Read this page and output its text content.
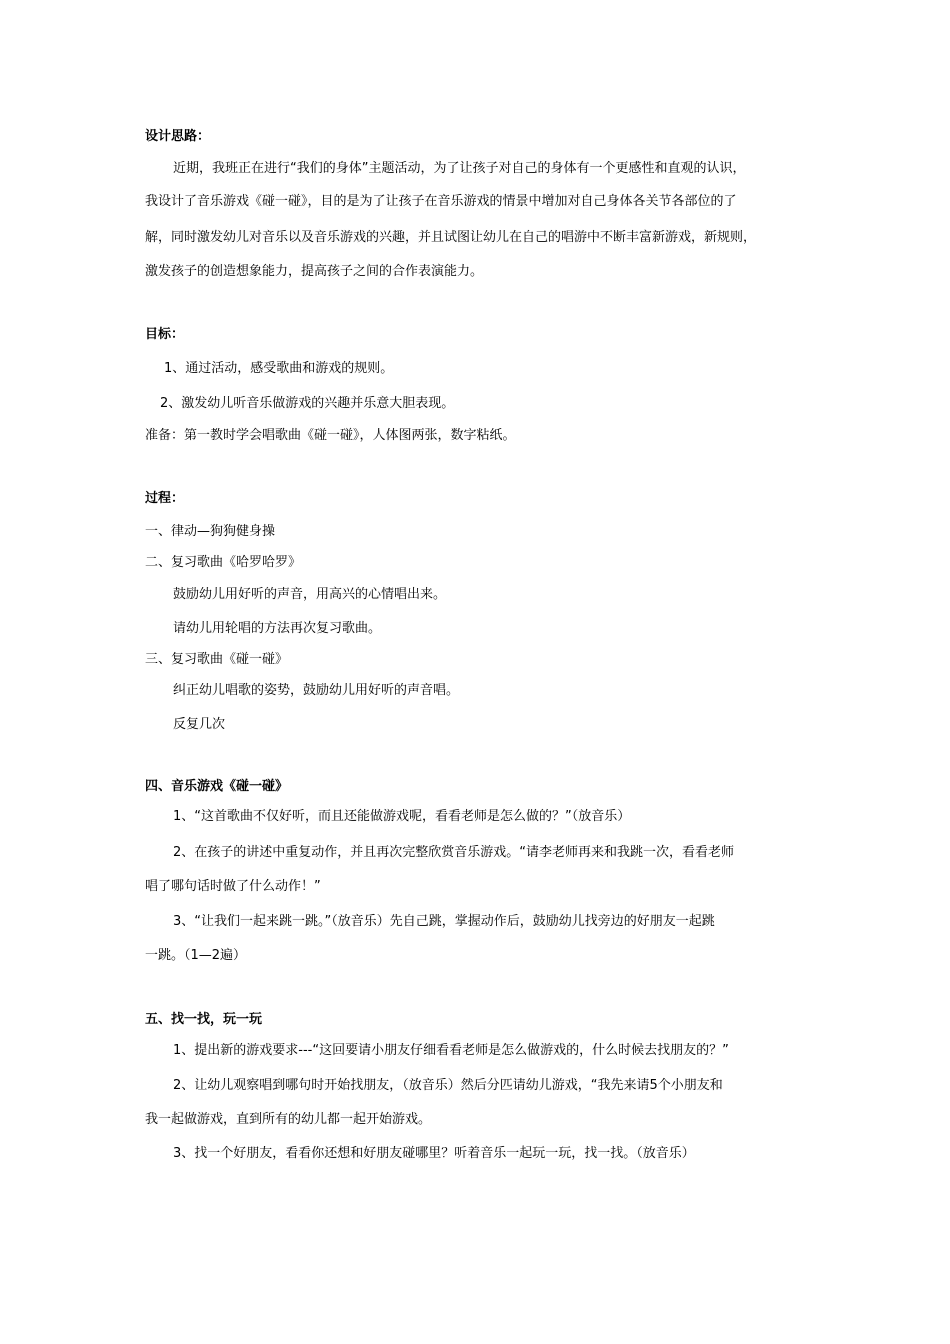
设计思路：
近期，我班正在进行“我们的身体”主题活动，为了让孩子对自己的身体有一个更感性和直观的认识，
我设计了音乐游戏《碰一碰》，目的是为了让孩子在音乐游戏的情景中增加对自己身体各关节各部位的了
解，同时激发幼儿对音乐以及音乐游戏的兴趣，并且试图让幼儿在自己的唱游中不断丰富新游戏，新规则，
激发孩子的创造想象能力，提高孩子之间的合作表演能力。
目标：
1、通过活动，感受歌曲和游戏的规则。
2、激发幼儿听音乐做游戏的兴趣并乐意大胆表现。
准备：第一教时学会唱歌曲《碰一碰》，人体图两张，数字粘纸。
过程：
一、律动—狗狗健身操
二、复习歌曲《哈罗哈罗》
鼓励幼儿用好听的声音，用高兴的心情唱出来。
请幼儿用轮唱的方法再次复习歌曲。
三、复习歌曲《碰一碰》
纠正幼儿唱歌的姿势，鼓励幼儿用好听的声音唱。
反复几次
四、音乐游戏《碰一碰》
1、“这首歌曲不仅好听，而且还能做游戏呢，看看老师是怎么做的？”（放音乐）
2、在孩子的讲述中重复动作，并且再次完整欣赏音乐游戏。“请李老师再来和我跳一次，看看老师
唱了哪句话时做了什么动作！”
3、“让我们一起来跳一跳。”（放音乐）先自己跳，掌握动作后，鼓励幼儿找旁边的好朋友一起跳
一跳。（1—2遍）
五、找一找，玩一玩
1、提出新的游戏要求---“这回要请小朋友仔细看看老师是怎么做游戏的，什么时候去找朋友的？”
2、让幼儿观察唱到哪句时开始找朋友，（放音乐）然后分匹请幼儿游戏，“我先来请5个小朋友和
我一起做游戏，直到所有的幼儿都一起开始游戏。
3、找一个好朋友，看看你还想和好朋友碰哪里？听着音乐一起玩一玩，找一找。（放音乐）
